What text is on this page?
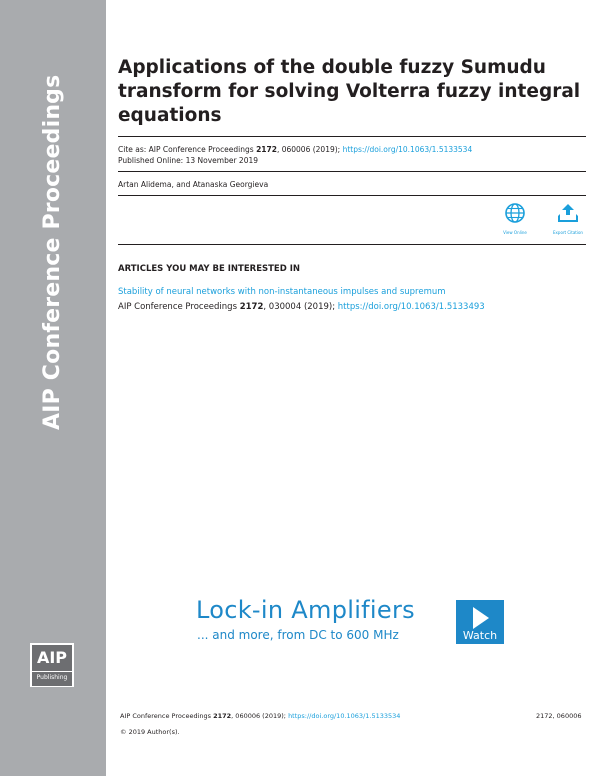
AIP Conference Proceedings
AIP
Publishing
Applications of the double fuzzy Sumudu transform for solving Volterra fuzzy integral equations
Cite as: AIP Conference Proceedings 2172, 060006 (2019); https://doi.org/10.1063/1.5133534
Published Online: 13 November 2019
Artan Alidema, and Atanaska Georgieva
View Online	Export Citation
ARTICLES YOU MAY BE INTERESTED IN
Stability of neural networks with non-instantaneous impulses and supremum
AIP Conference Proceedings 2172, 030004 (2019); https://doi.org/10.1063/1.5133493
Lock-in Amplifiers
... and more, from DC to 600 MHz	Watch
AIP Conference Proceedings 2172, 060006 (2019); https://doi.org/10.1063/1.5133534	2172, 060006
© 2019 Author(s).
